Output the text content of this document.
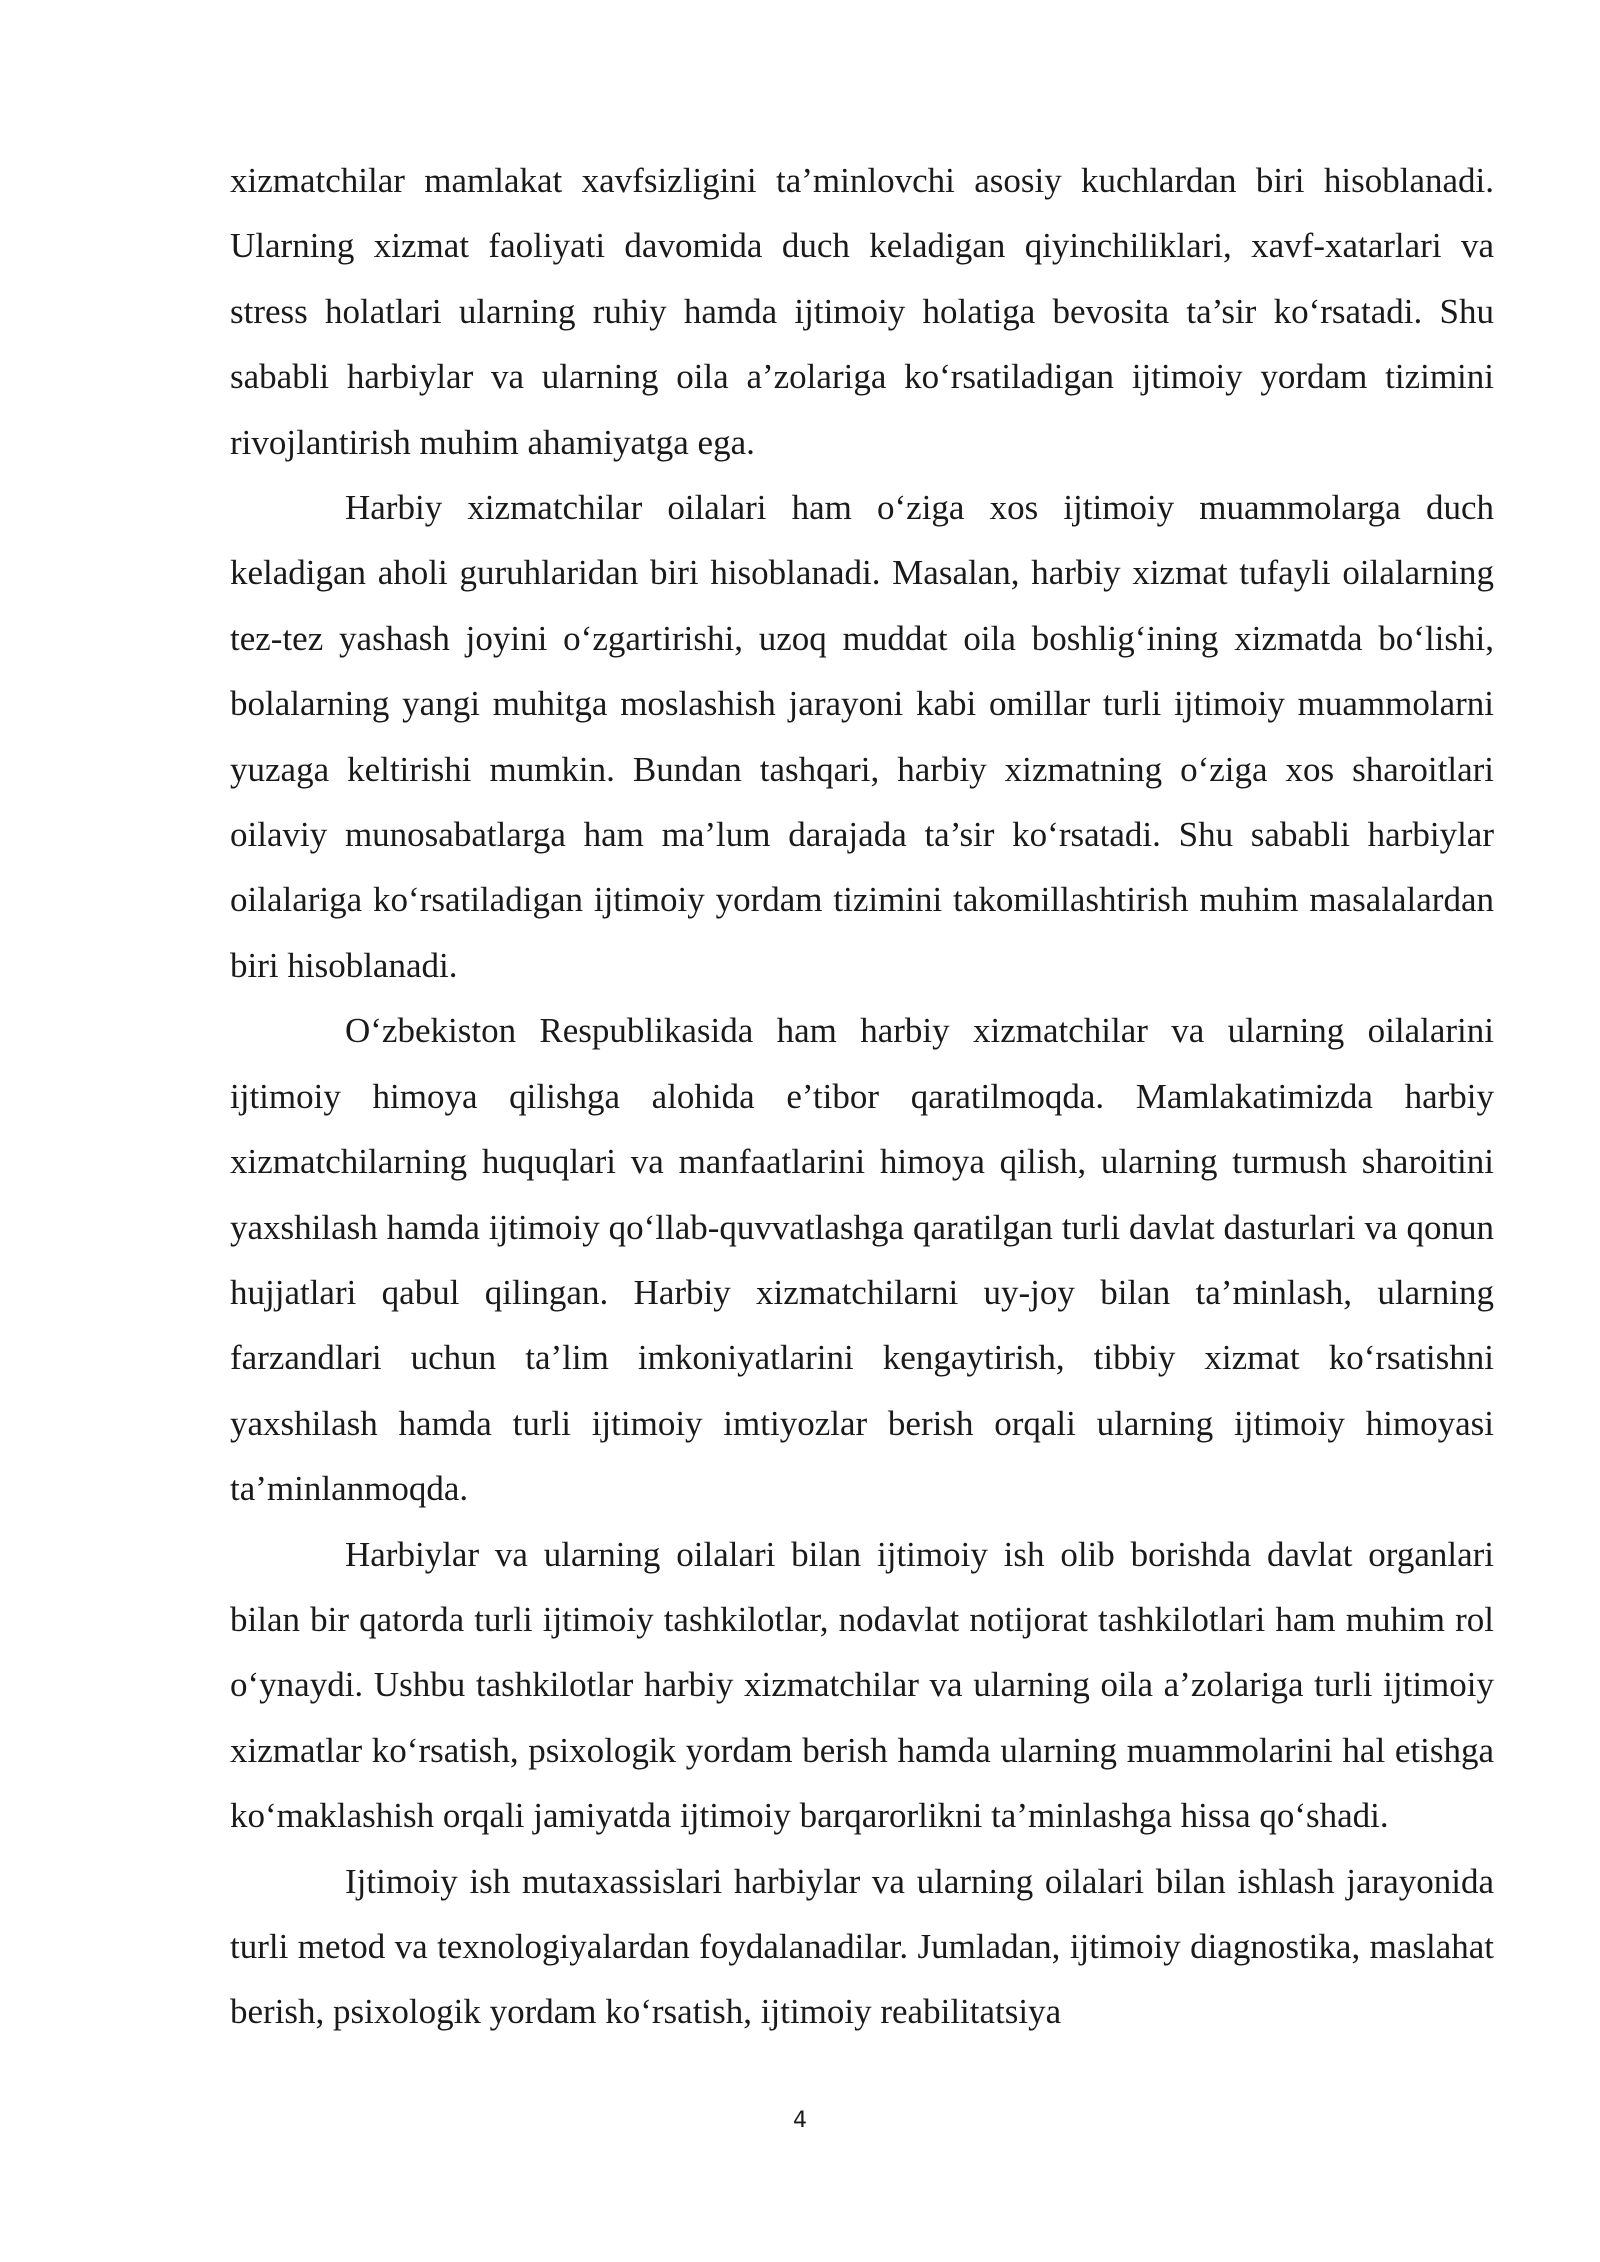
xizmatchilar mamlakat xavfsizligini ta’minlovchi asosiy kuchlardan biri hisoblanadi. Ularning xizmat faoliyati davomida duch keladigan qiyinchiliklari, xavf-xatarlari va stress holatlari ularning ruhiy hamda ijtimoiy holatiga bevosita ta’sir ko‘rsatadi. Shu sababli harbiylar va ularning oila a’zolariga ko‘rsatiladigan ijtimoiy yordam tizimini rivojlantirish muhim ahamiyatga ega.

Harbiy xizmatchilar oilalari ham o‘ziga xos ijtimoiy muammolarga duch keladigan aholi guruhlaridan biri hisoblanadi. Masalan, harbiy xizmat tufayli oilalarning tez-tez yashash joyini o‘zgartirishi, uzoq muddat oila boshlig‘ining xizmatda bo‘lishi, bolalarning yangi muhitga moslashish jarayoni kabi omillar turli ijtimoiy muammolarni yuzaga keltirishi mumkin. Bundan tashqari, harbiy xizmatning o‘ziga xos sharoitlari oilaviy munosabatlarga ham ma’lum darajada ta’sir ko‘rsatadi. Shu sababli harbiylar oilalariga ko‘rsatiladigan ijtimoiy yordam tizimini takomillashtirish muhim masalalardan biri hisoblanadi.

O‘zbekiston Respublikasida ham harbiy xizmatchilar va ularning oilalarini ijtimoiy himoya qilishga alohida e’tibor qaratilmoqda. Mamlakatimizda harbiy xizmatchilarning huquqlari va manfaatlarini himoya qilish, ularning turmush sharoitini yaxshilash hamda ijtimoiy qo‘llab-quvvatlashga qaratilgan turli davlat dasturlari va qonun hujjatlari qabul qilingan. Harbiy xizmatchilarni uy-joy bilan ta’minlash, ularning farzandlari uchun ta’lim imkoniyatlarini kengaytirish, tibbiy xizmat ko‘rsatishni yaxshilash hamda turli ijtimoiy imtiyozlar berish orqali ularning ijtimoiy himoyasi ta’minlanmoqda.

Harbiylar va ularning oilalari bilan ijtimoiy ish olib borishda davlat organlari bilan bir qatorda turli ijtimoiy tashkilotlar, nodavlat notijorat tashkilotlari ham muhim rol o‘ynaydi. Ushbu tashkilotlar harbiy xizmatchilar va ularning oila a’zolariga turli ijtimoiy xizmatlar ko‘rsatish, psixologik yordam berish hamda ularning muammolarini hal etishga ko‘maklashish orqali jamiyatda ijtimoiy barqarorlikni ta’minlashga hissa qo‘shadi.

Ijtimoiy ish mutaxassislari harbiylar va ularning oilalari bilan ishlash jarayonida turli metod va texnologiyalardan foydalanadilar. Jumladan, ijtimoiy diagnostika, maslahat berish, psixologik yordam ko‘rsatish, ijtimoiy reabilitatsiya

4
